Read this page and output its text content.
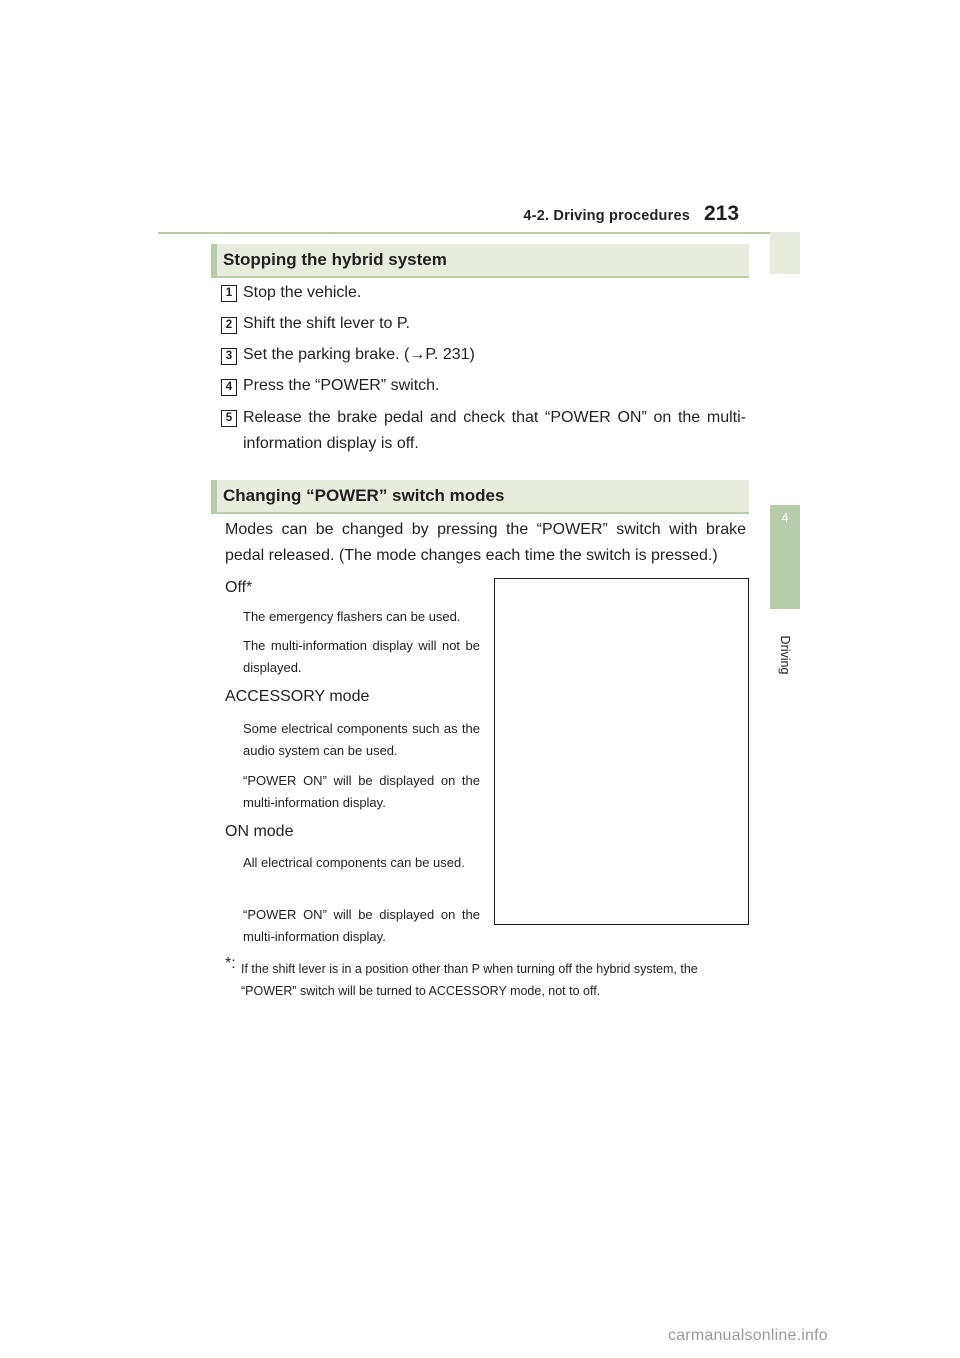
4-2. Driving procedures 213
4
Driving
Stopping the hybrid system
1 Stop the vehicle.
2 Shift the shift lever to P.
3 Set the parking brake. (→P. 231)
4 Press the “POWER” switch.
5 Release the brake pedal and check that “POWER ON” on the multi-information display is off.
Changing “POWER” switch modes
Modes can be changed by pressing the “POWER” switch with brake pedal released. (The mode changes each time the switch is pressed.)
Off*
The emergency flashers can be used.
The multi-information display will not be displayed.
ACCESSORY mode
Some electrical components such as the audio system can be used.
“POWER ON” will be displayed on the multi-information display.
ON mode
All electrical components can be used.
“POWER ON” will be displayed on the multi-information display.
*: If the shift lever is in a position other than P when turning off the hybrid system, the “POWER” switch will be turned to ACCESSORY mode, not to off.
carmanualsonline.info
